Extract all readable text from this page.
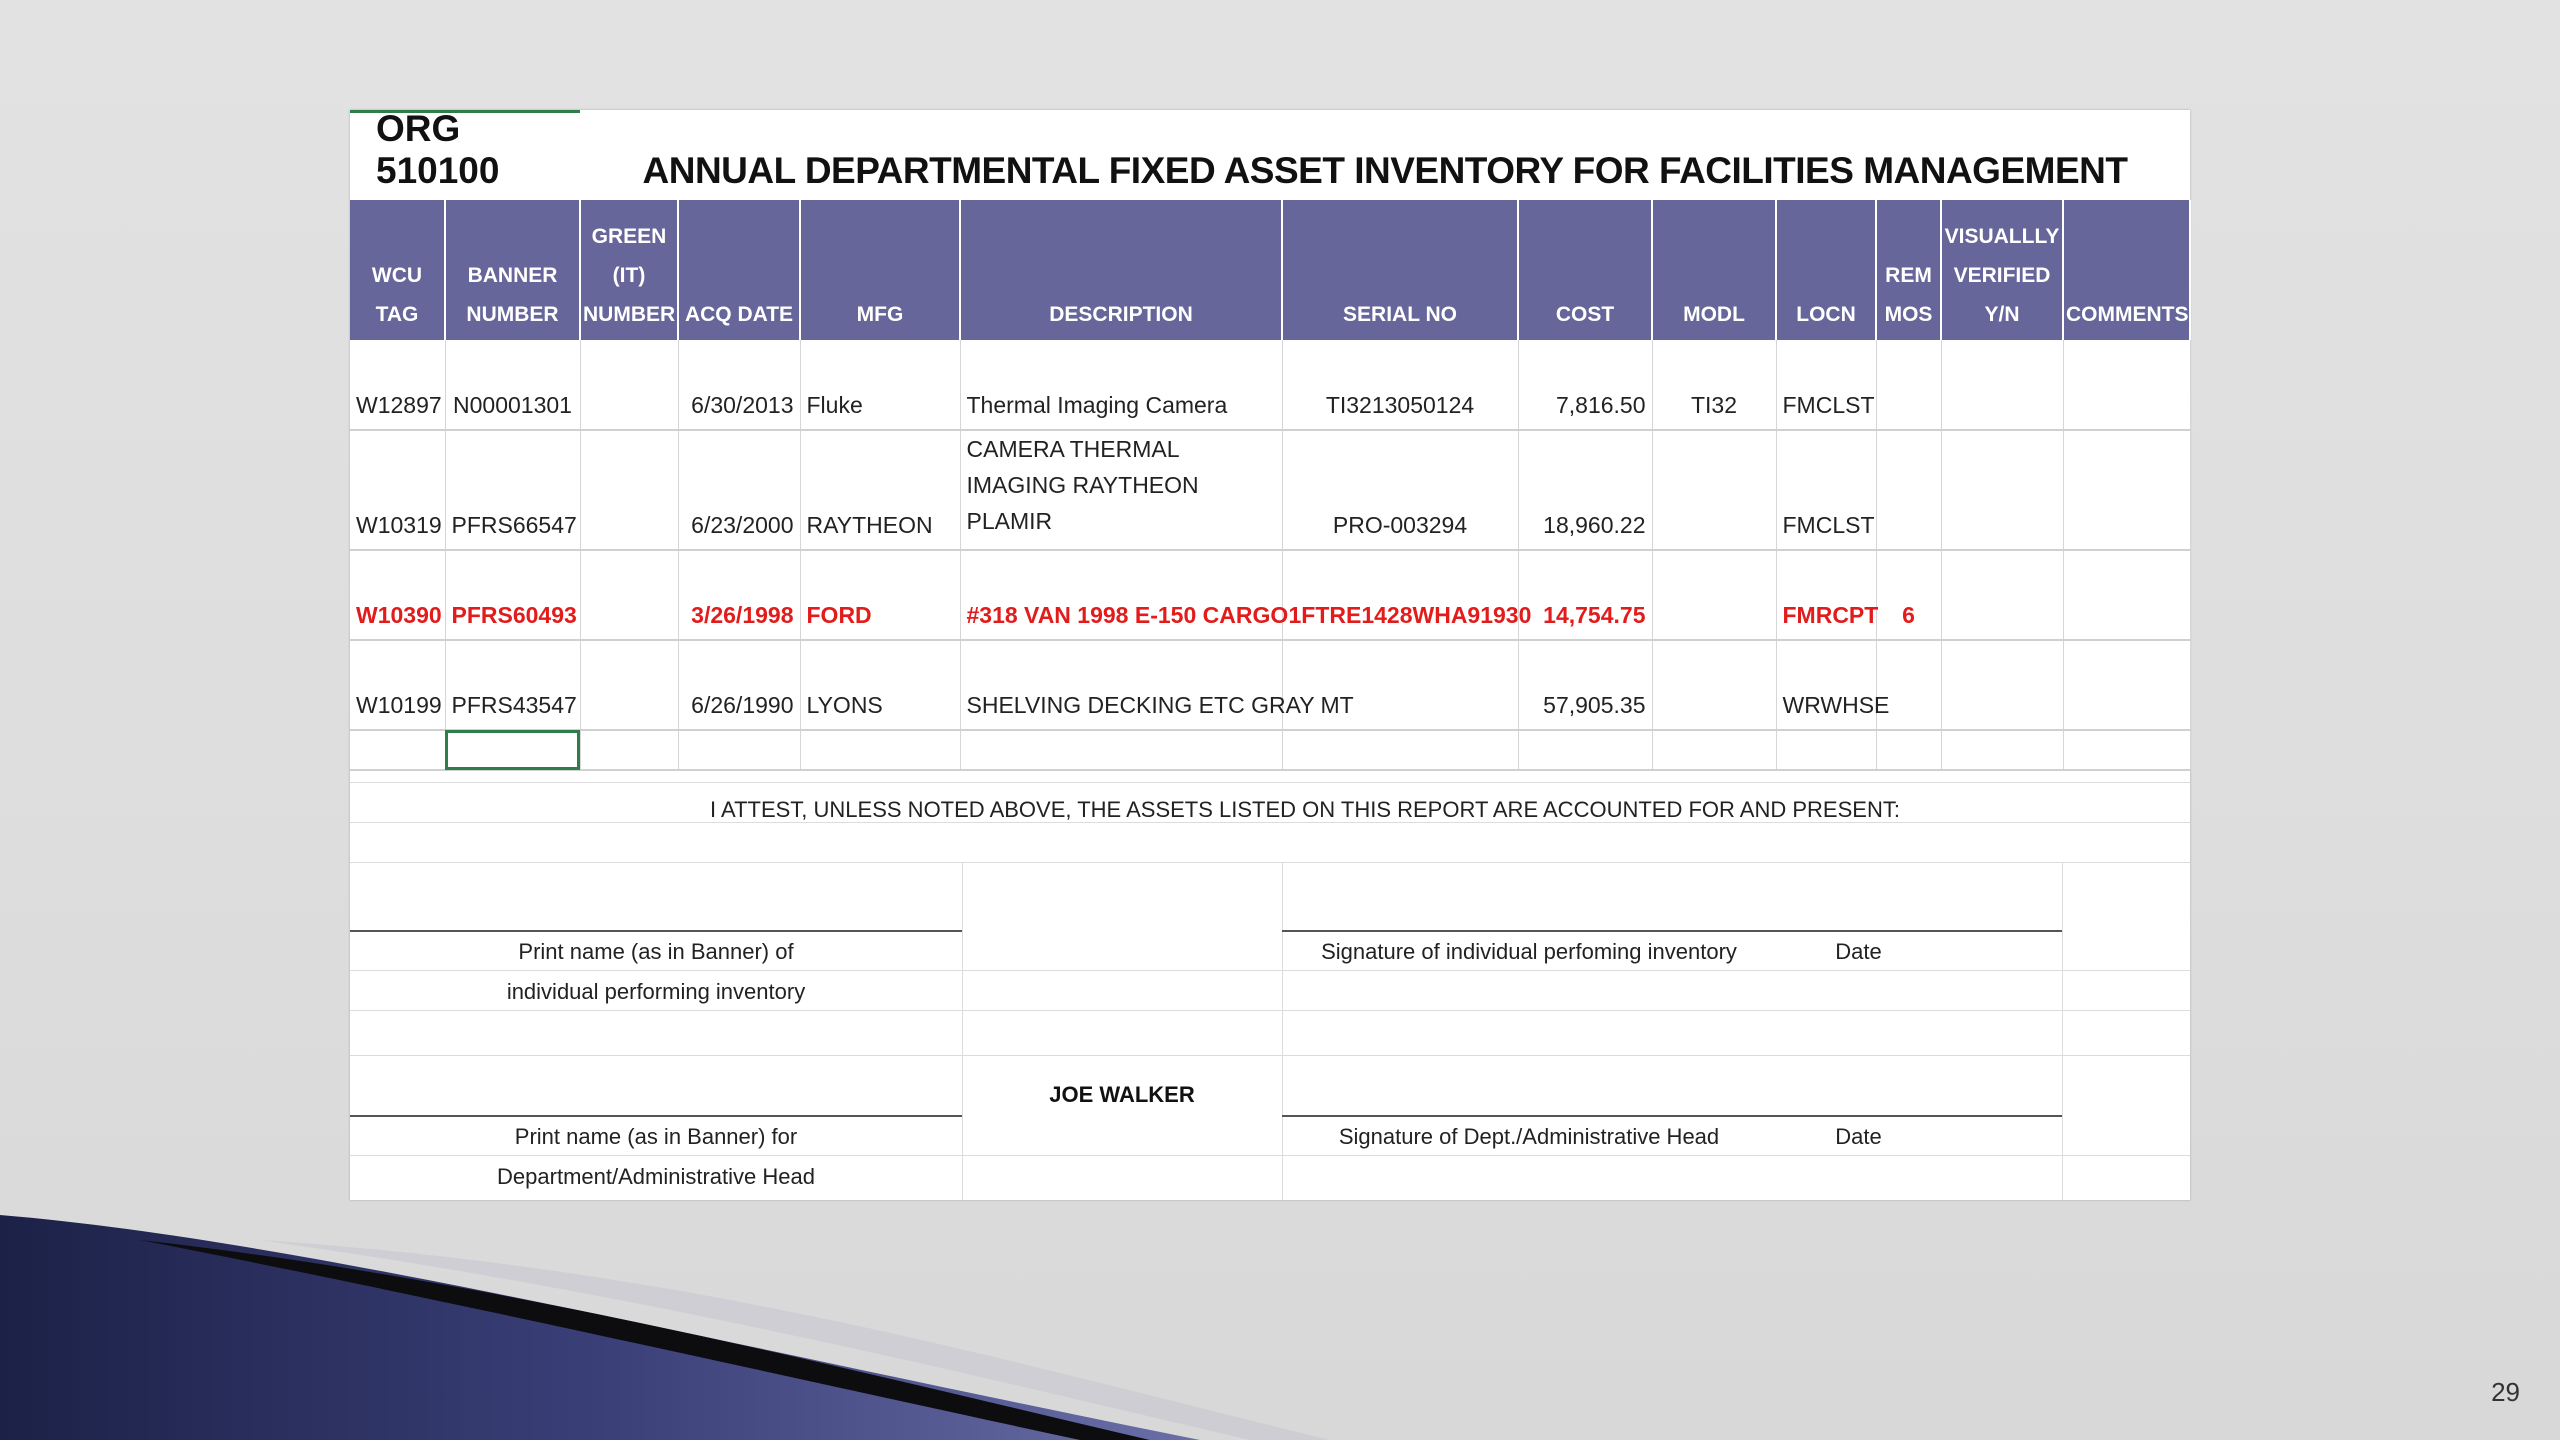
ORG 510100	ANNUAL DEPARTMENTAL FIXED ASSET INVENTORY FOR FACILITIES MANAGEMENT
WCU TAG	BANNER NUMBER	GREEN (IT) NUMBER	ACQ DATE	MFG	DESCRIPTION	SERIAL NO	COST	MODL	LOCN	REM MOS	VISUALLLY VERIFIED Y/N	COMMENTS
W12897	N00001301		6/30/2013	Fluke	Thermal Imaging Camera	TI3213050124	7,816.50	TI32	FMCLST			
W10319	PFRS66547		6/23/2000	RAYTHEON	CAMERA THERMAL IMAGING RAYTHEON PLAMIR	PRO-003294	18,960.22		FMCLST			
W10390	PFRS60493		3/26/1998	FORD	#318 VAN 1998 E-150 CARGO	1FTRE1428WHA91930	14,754.75		FMRCPT	6		
W10199	PFRS43547		6/26/1990	LYONS	SHELVING DECKING ETC GRAY MT		57,905.35		WRWHSE			

I ATTEST, UNLESS NOTED ABOVE, THE ASSETS LISTED ON THIS REPORT ARE ACCOUNTED FOR AND PRESENT:
Print name (as in Banner) of
individual performing inventory
Signature of individual perfoming inventory	Date
JOE WALKER
Print name (as in Banner) for
Department/Administrative Head
Signature of Dept./Administrative Head	Date
29
